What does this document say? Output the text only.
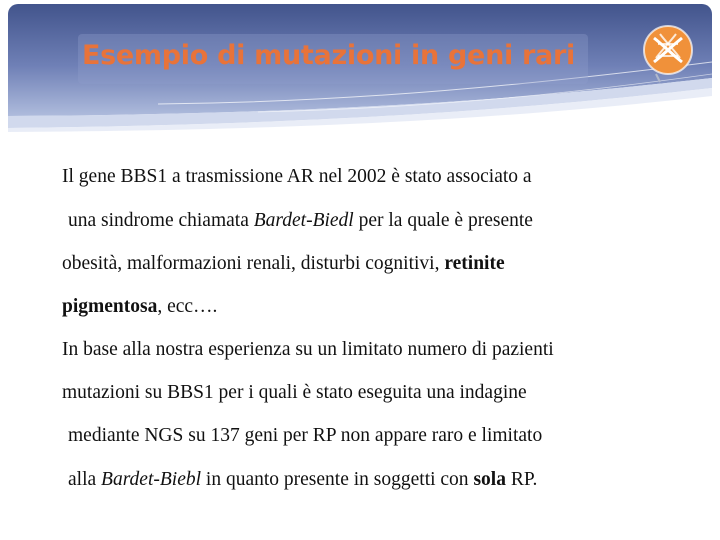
Esempio di mutazioni in geni rari
Il gene BBS1 a trasmissione AR nel 2002 è stato associato a
una sindrome chiamata Bardet-Biedl per la quale è presente
obesità, malformazioni renali, disturbi cognitivi, retinite
pigmentosa, ecc….
In base alla nostra esperienza su un limitato numero di pazienti
mutazioni su BBS1 per i quali è stato eseguita una indagine
mediante NGS su 137 geni per RP non appare raro e limitato
alla Bardet-Biebl in quanto presente in soggetti con sola RP.
